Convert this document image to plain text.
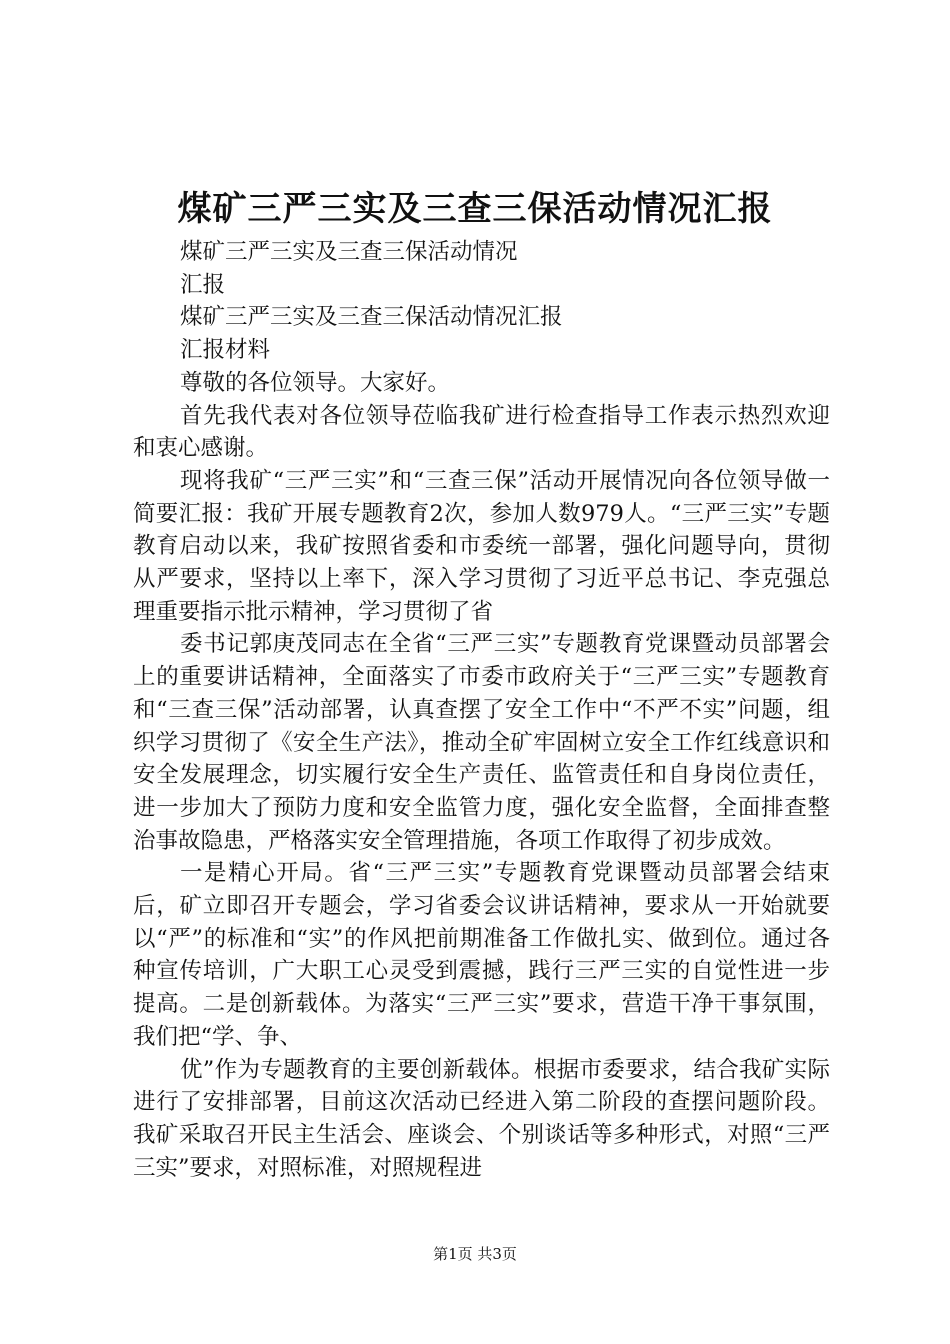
煤矿三严三实及三查三保活动情况汇报

煤矿三严三实及三查三保活动情况

汇报

煤矿三严三实及三查三保活动情况汇报

汇报材料

尊敬的各位领导。大家好。

首先我代表对各位领导莅临我矿进行检查指导工作表示热烈欢迎和衷心感谢。

现将我矿“三严三实”和“三查三保”活动开展情况向各位领导做一简要汇报：我矿开展专题教育2次，参加人数979人。“三严三实”专题教育启动以来，我矿按照省委和市委统一部署，强化问题导向，贯彻从严要求，坚持以上率下，深入学习贯彻了习近平总书记、李克强总理重要指示批示精神，学习贯彻了省

委书记郭庚茂同志在全省“三严三实”专题教育党课暨动员部署会上的重要讲话精神，全面落实了市委市政府关于“三严三实”专题教育和“三查三保”活动部署，认真查摆了安全工作中“不严不实”问题，组织学习贯彻了《安全生产法》，推动全矿牢固树立安全工作红线意识和安全发展理念，切实履行安全生产责任、监管责任和自身岗位责任，进一步加大了预防力度和安全监管力度，强化安全监督，全面排查整治事故隐患，严格落实安全管理措施，各项工作取得了初步成效。

一是精心开局。省“三严三实”专题教育党课暨动员部署会结束后，矿立即召开专题会，学习省委会议讲话精神，要求从一开始就要以“严”的标准和“实”的作风把前期准备工作做扎实、做到位。通过各种宣传培训，广大职工心灵受到震撼，践行三严三实的自觉性进一步提高。二是创新载体。为落实“三严三实”要求，营造干净干事氛围，我们把“学、争、

优”作为专题教育的主要创新载体。根据市委要求，结合我矿实际进行了安排部署，目前这次活动已经进入第二阶段的查摆问题阶段。我矿采取召开民主生活会、座谈会、个别谈话等多种形式，对照“三严三实”要求，对照标准，对照规程进

第1页 共3页
